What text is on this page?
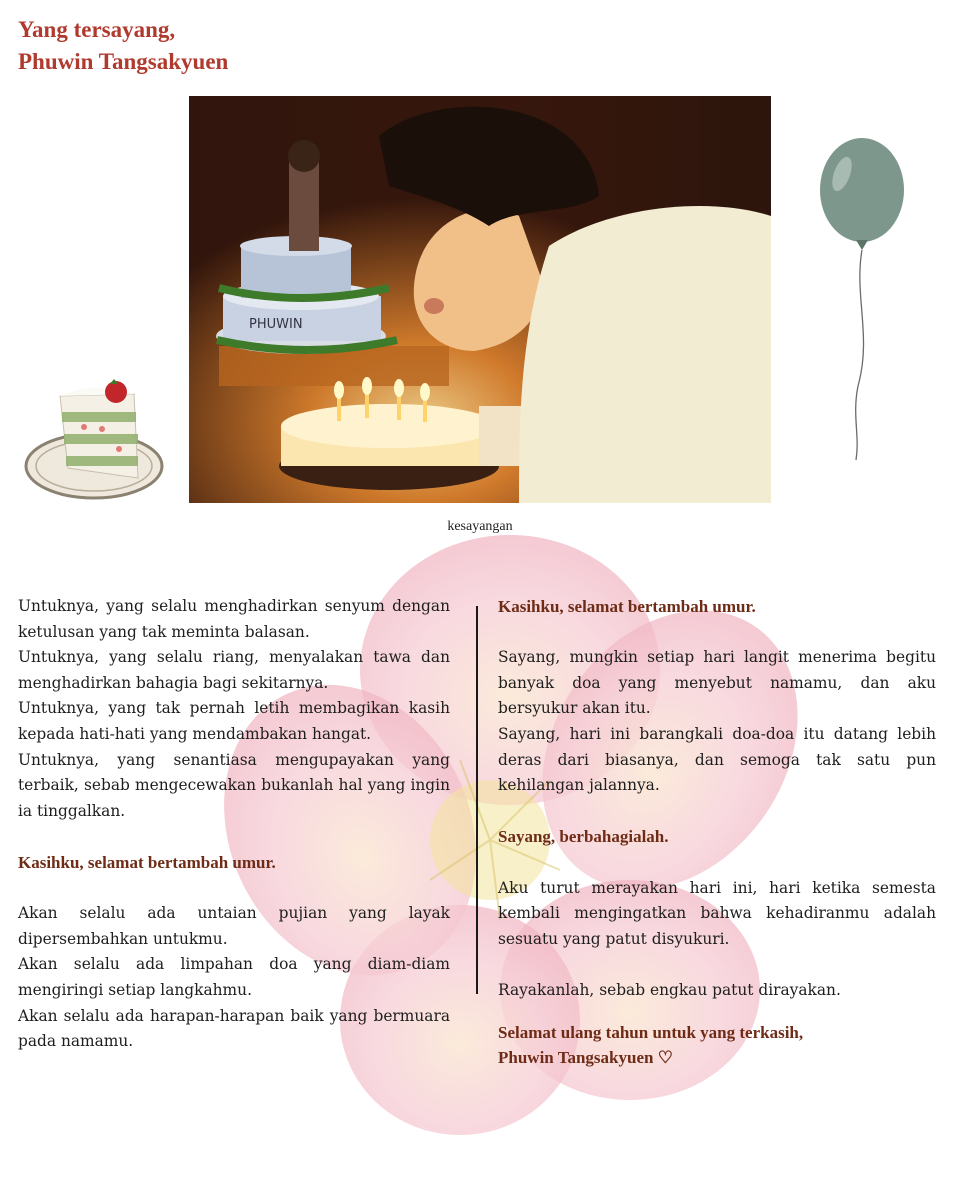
Yang tersayang,
Phuwin Tangsakyuen
PHUWIN
kesayangan

Untuknya, yang selalu menghadirkan senyum dengan ketulusan yang tak meminta balasan.

Untuknya, yang selalu riang, menyalakan tawa dan menghadirkan bahagia bagi sekitarnya.

Untuknya, yang tak pernah letih membagikan kasih kepada hati-hati yang mendambakan hangat.

Untuknya, yang senantiasa mengupayakan yang terbaik, sebab mengecewakan bukanlah hal yang ingin ia tinggalkan.

Kasihku, selamat bertambah umur.

Akan selalu ada untaian pujian yang layak dipersembahkan untukmu.

Akan selalu ada limpahan doa yang diam-diam mengiringi setiap langkahmu.

Akan selalu ada harapan-harapan baik yang bermuara pada namamu.

Kasihku, selamat bertambah umur.

Sayang, mungkin setiap hari langit menerima begitu banyak doa yang menyebut namamu, dan aku bersyukur akan itu.

Sayang, hari ini barangkali doa-doa itu datang lebih deras dari biasanya, dan semoga tak satu pun kehilangan jalannya.

Sayang, berbahagialah.

Aku turut merayakan hari ini, hari ketika semesta kembali mengingatkan bahwa kehadiranmu adalah sesuatu yang patut disyukuri.

Rayakanlah, sebab engkau patut dirayakan.

Selamat ulang tahun untuk yang terkasih,
Phuwin Tangsakyuen ♡
